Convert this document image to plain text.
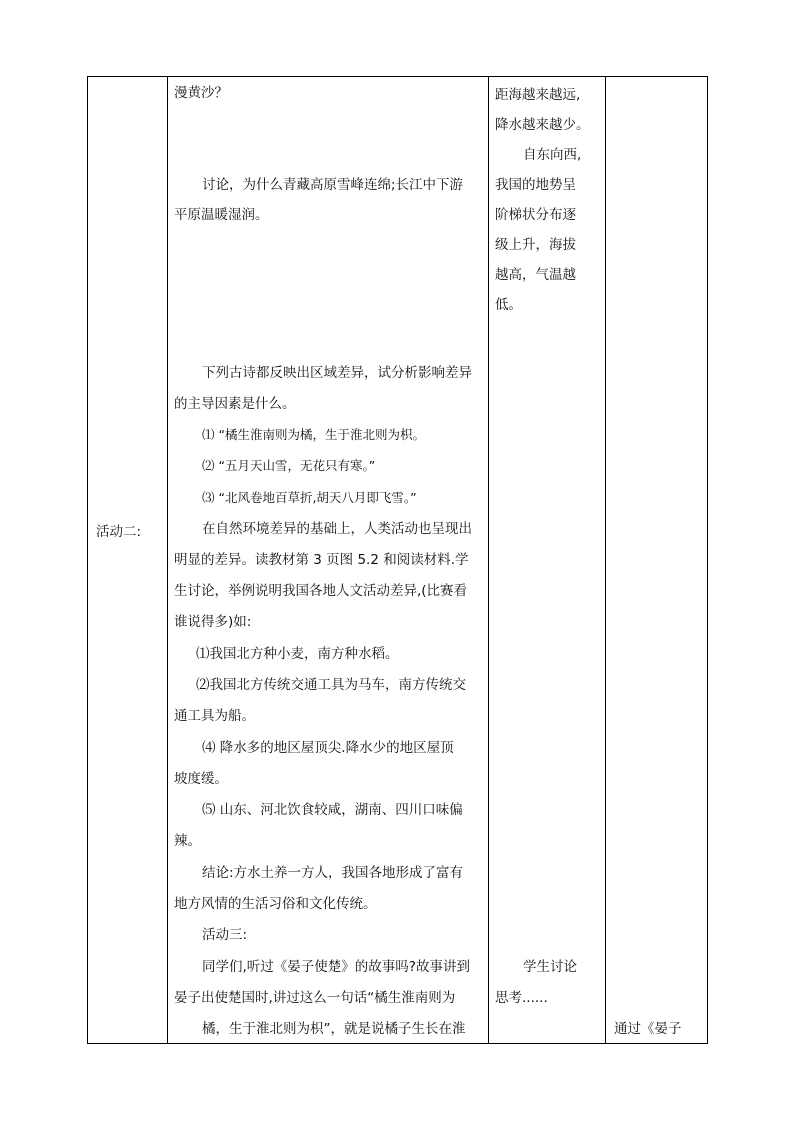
活动二:

漫黄沙？
讨论，为什么青藏高原雪峰连绵;长江中下游
平原温暖湿润。
下列古诗都反映出区域差异，试分析影响差异
的主导因素是什么。
⑴ “橘生淮南则为橘，生于淮北则为枳。
⑵ “五月天山雪，无花只有寒。”
⑶ “北风卷地百草折,胡天八月即飞雪。”
在自然环境差异的基础上，人类活动也呈现出
明显的差异。读教材第 3 页图 5.2 和阅读材料.学
生讨论，举例说明我国各地人文活动差异,(比赛看
谁说得多)如:
⑴我国北方种小麦，南方种水稻。
⑵我国北方传统交通工具为马车，南方传统交
通工具为船。
⑷ 降水多的地区屋顶尖.降水少的地区屋顶
坡度缓。
⑸ 山东、河北饮食较咸，湖南、四川口味偏
辣。
结论:方水土养一方人，我国各地形成了富有
地方风情的生活习俗和文化传统。
活动三:
同学们,听过《晏子使楚》的故事吗?故事讲到
晏子出使楚国时,讲过这么一句话“橘生淮南则为
橘，生于淮北则为枳”，就是说橘子生长在淮

距海越来越远,
降水越来越少。
自东向西,
我国的地势呈
阶梯状分布逐
级上升，海拔
越高，气温越
低。
学生讨论
思考......

通过《晏子
